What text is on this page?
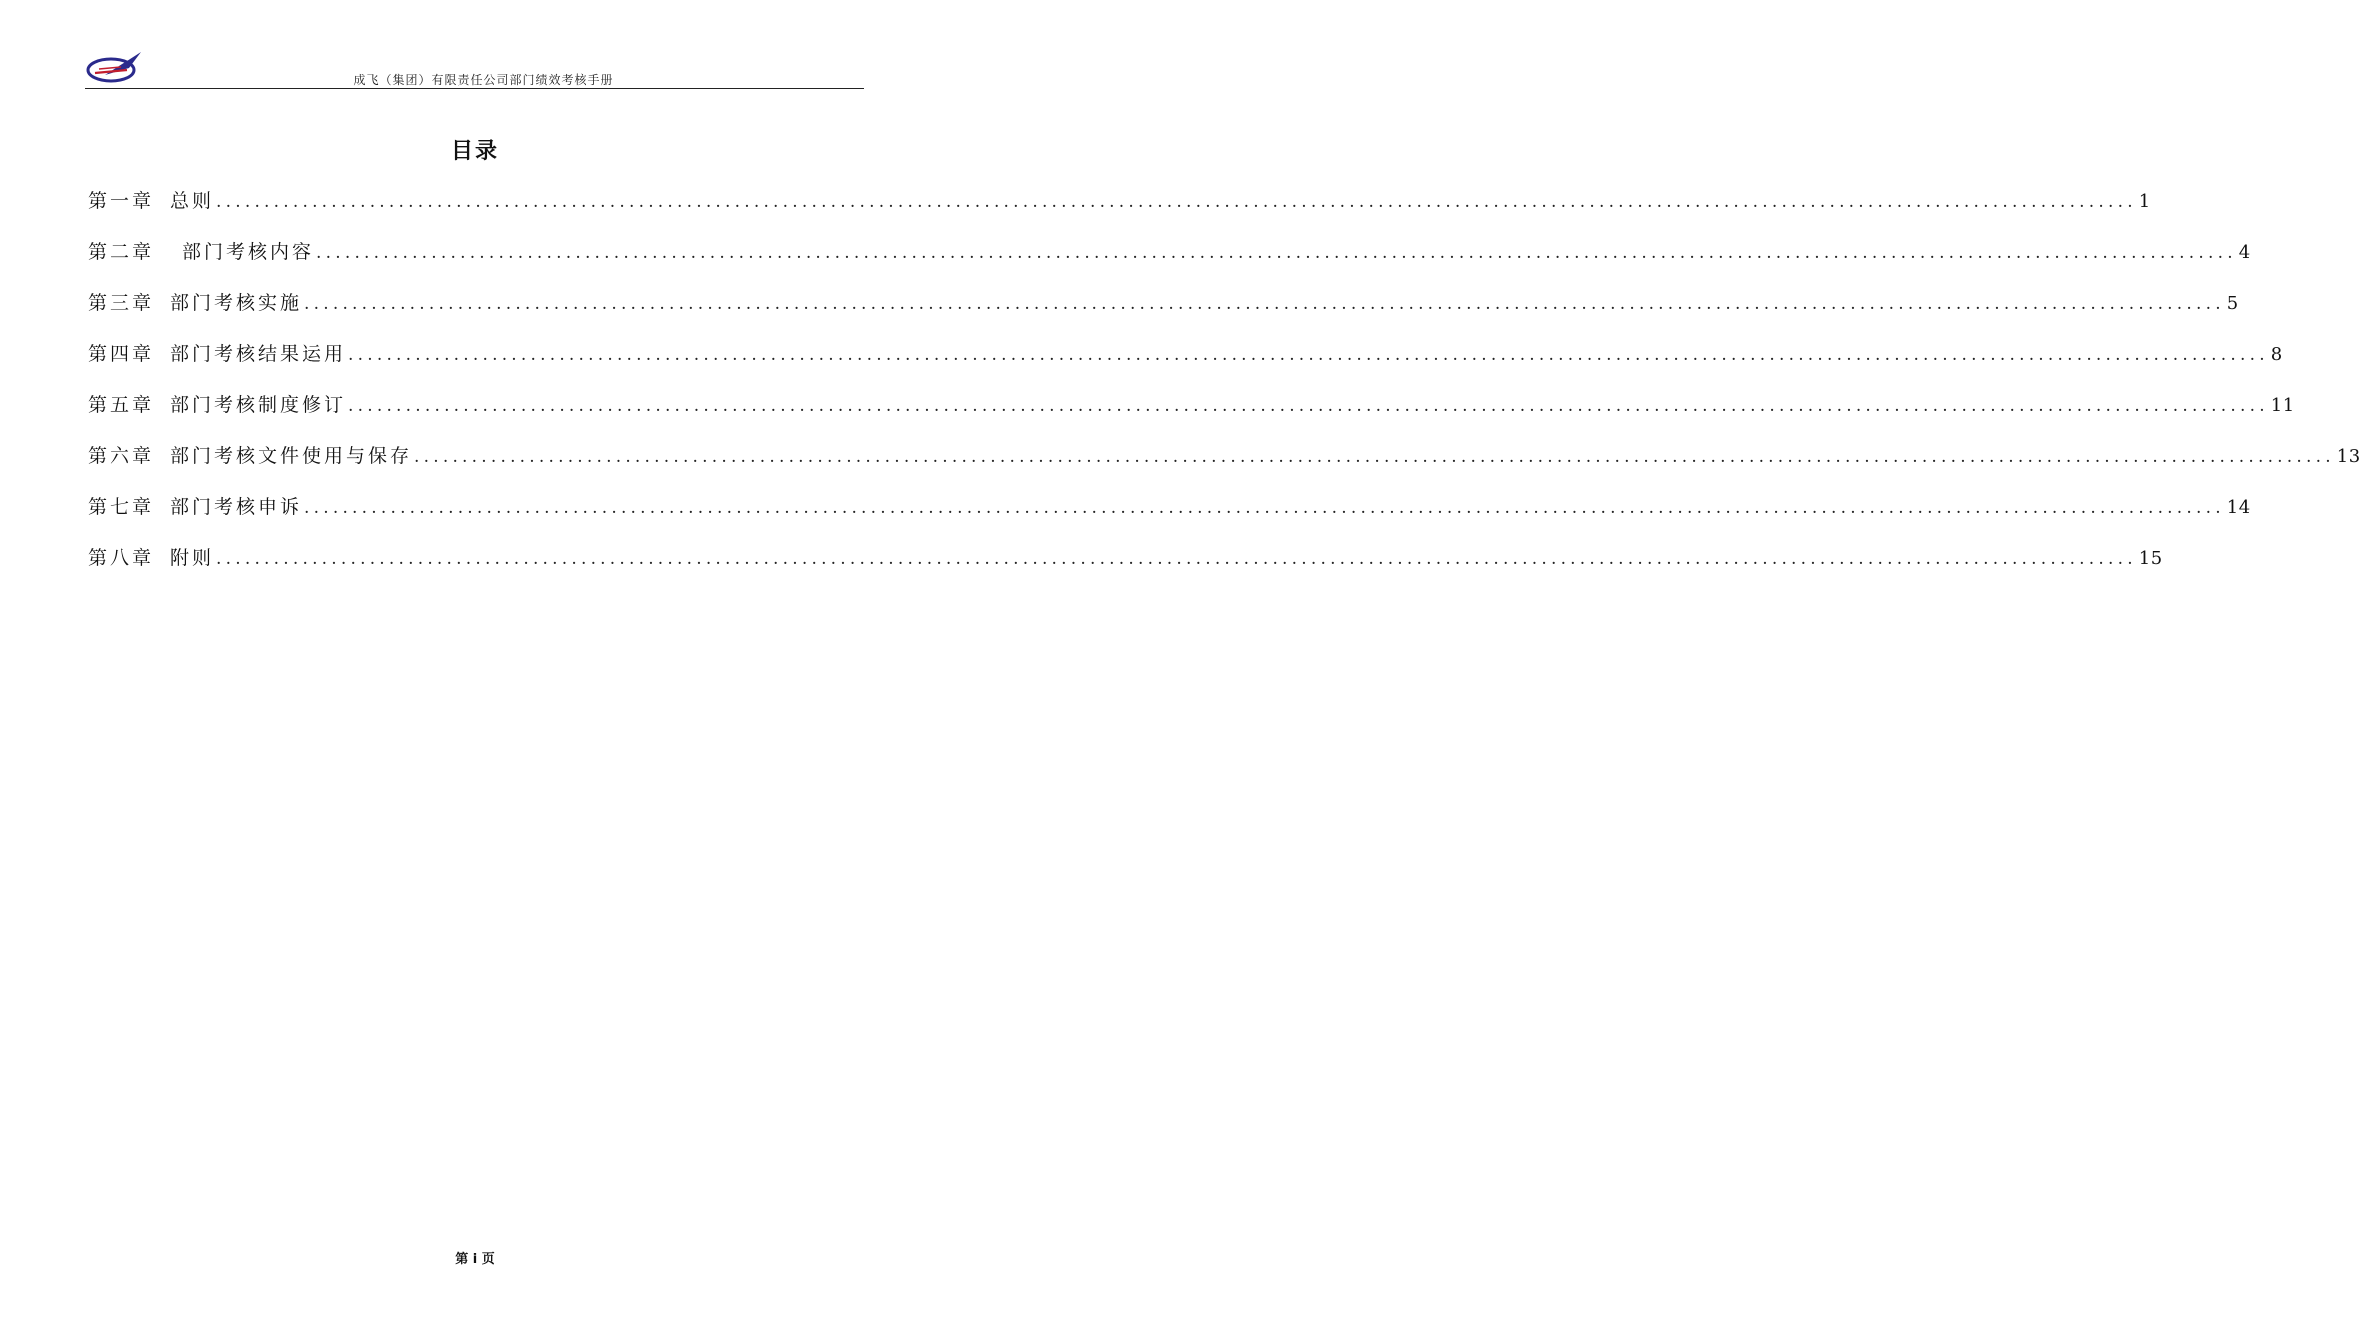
成飞（集团）有限责任公司部门绩效考核手册
目录
第一章 总则 ........................................................................................................................................................................................................ 1
第二章 部门考核内容 ........................................................................................................................................................................................................ 4
第三章 部门考核实施 ........................................................................................................................................................................................................ 5
第四章 部门考核结果运用 ........................................................................................................................................................................................................ 8
第五章 部门考核制度修订 ........................................................................................................................................................................................................ 11
第六章 部门考核文件使用与保存 ........................................................................................................................................................................................................ 13
第七章 部门考核申诉 ........................................................................................................................................................................................................ 14
第八章 附则 ........................................................................................................................................................................................................ 15
第 i 页
